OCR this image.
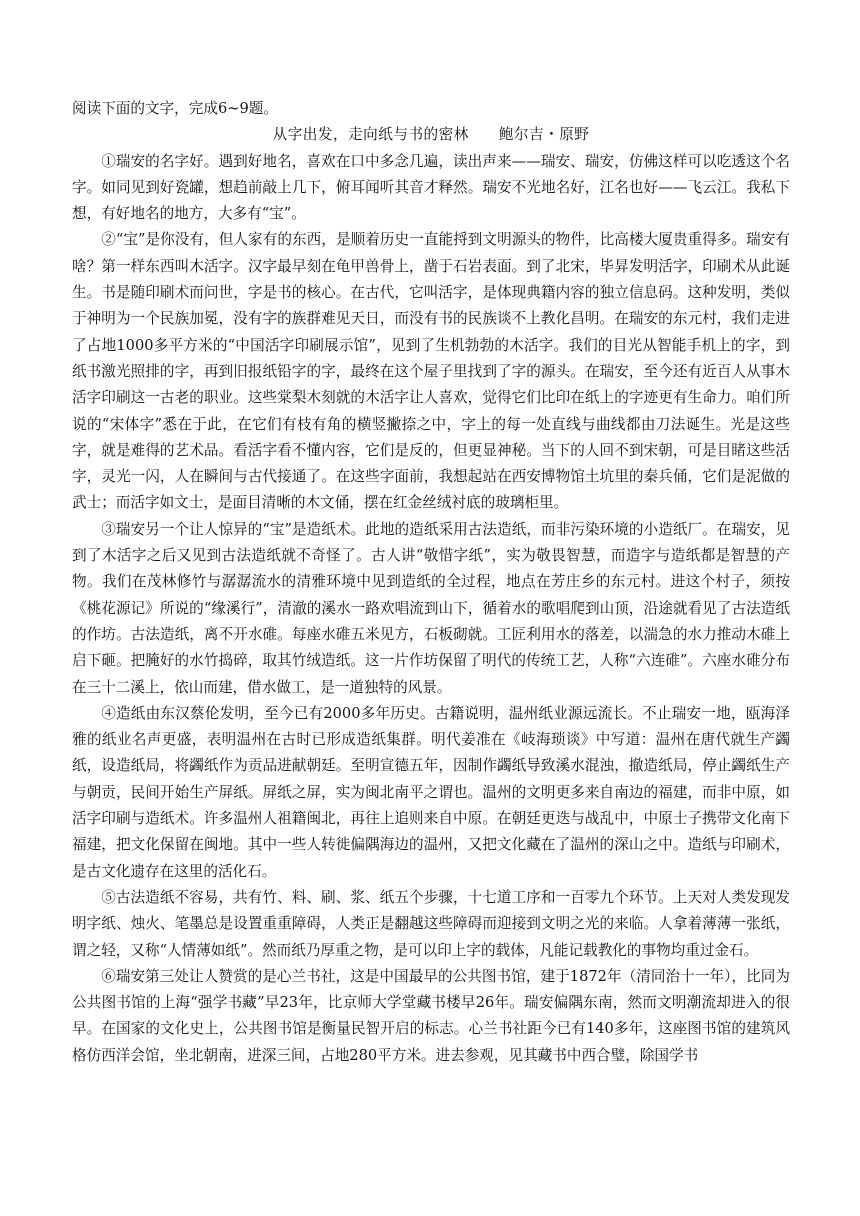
阅读下面的文字，完成6~9题。

从字出发，走向纸与书的密林 鲍尔吉・原野

①瑞安的名字好。遇到好地名，喜欢在口中多念几遍，读出声来——瑞安、瑞安，仿佛这样可以吃透这个名字。如同见到好瓷罐，想趋前敲上几下，俯耳闻听其音才释然。瑞安不光地名好，江名也好——飞云江。我私下想，有好地名的地方，大多有“宝”。

②“宝”是你没有，但人家有的东西，是顺着历史一直能捋到文明源头的物件，比高楼大厦贵重得多。瑞安有啥？第一样东西叫木活字。汉字最早刻在龟甲兽骨上，凿于石岩表面。到了北宋，毕昇发明活字，印刷术从此诞生。书是随印刷术而问世，字是书的核心。在古代，它叫活字，是体现典籍内容的独立信息码。这种发明，类似于神明为一个民族加冕，没有字的族群难见天日，而没有书的民族谈不上教化昌明。在瑞安的东元村，我们走进了占地1000多平方米的“中国活字印刷展示馆”，见到了生机勃勃的木活字。我们的目光从智能手机上的字，到纸书激光照排的字，再到旧报纸铅字的字，最终在这个屋子里找到了字的源头。在瑞安，至今还有近百人从事木活字印刷这一古老的职业。这些棠梨木刻就的木活字让人喜欢，觉得它们比印在纸上的字迹更有生命力。咱们所说的“宋体字”悉在于此，在它们有枝有角的横竖撇捺之中，字上的每一处直线与曲线都由刀法诞生。光是这些字，就是难得的艺术品。看活字看不懂内容，它们是反的，但更显神秘。当下的人回不到宋朝，可是目睹这些活字，灵光一闪，人在瞬间与古代接通了。在这些字面前，我想起站在西安博物馆土坑里的秦兵俑，它们是泥做的武士；而活字如文士，是面目清晰的木文俑，摆在红金丝绒衬底的玻璃柜里。

③瑞安另一个让人惊异的“宝”是造纸术。此地的造纸采用古法造纸，而非污染环境的小造纸厂。在瑞安，见到了木活字之后又见到古法造纸就不奇怪了。古人讲“敬惜字纸”，实为敬畏智慧，而造字与造纸都是智慧的产物。我们在茂林修竹与潺潺流水的清雅环境中见到造纸的全过程，地点在芳庄乡的东元村。进这个村子，须按《桃花源记》所说的“缘溪行”，清澈的溪水一路欢唱流到山下，循着水的歌唱爬到山顶，沿途就看见了古法造纸的作坊。古法造纸，离不开水碓。每座水碓五米见方，石板砌就。工匠利用水的落差，以湍急的水力推动木碓上启下砸。把腌好的水竹捣碎，取其竹绒造纸。这一片作坊保留了明代的传统工艺，人称“六连碓”。六座水碓分布在三十二溪上，依山而建，借水做工，是一道独特的风景。

④造纸由东汉蔡伦发明，至今已有2000多年历史。古籍说明，温州纸业源远流长。不止瑞安一地，瓯海泽雅的纸业名声更盛，表明温州在古时已形成造纸集群。明代姜准在《岐海琐谈》中写道：温州在唐代就生产蠲纸，设造纸局，将蠲纸作为贡品进献朝廷。至明宣德五年，因制作蠲纸导致溪水混浊，撤造纸局，停止蠲纸生产与朝贡，民间开始生产屏纸。屏纸之屏，实为闽北南平之谓也。温州的文明更多来自南边的福建，而非中原，如活字印刷与造纸术。许多温州人祖籍闽北，再往上追则来自中原。在朝廷更迭与战乱中，中原士子携带文化南下福建，把文化保留在闽地。其中一些人转徙偏隅海边的温州，又把文化藏在了温州的深山之中。造纸与印刷术，是古文化遗存在这里的活化石。

⑤古法造纸不容易，共有竹、料、刷、浆、纸五个步骤，十七道工序和一百零九个环节。上天对人类发现发明字纸、烛火、笔墨总是设置重重障碍，人类正是翻越这些障碍而迎接到文明之光的来临。人拿着薄薄一张纸，谓之轻，又称“人情薄如纸”。然而纸乃厚重之物，是可以印上字的载体，凡能记载教化的事物均重过金石。

⑥瑞安第三处让人赞赏的是心兰书社，这是中国最早的公共图书馆，建于1872年（清同治十一年），比同为公共图书馆的上海“强学书藏”早23年，比京师大学堂藏书楼早26年。瑞安偏隅东南，然而文明潮流却进入的很早。在国家的文化史上，公共图书馆是衡量民智开启的标志。心兰书社距今已有140多年，这座图书馆的建筑风格仿西洋会馆，坐北朝南，进深三间，占地280平方米。进去参观，见其藏书中西合璧，除国学书
